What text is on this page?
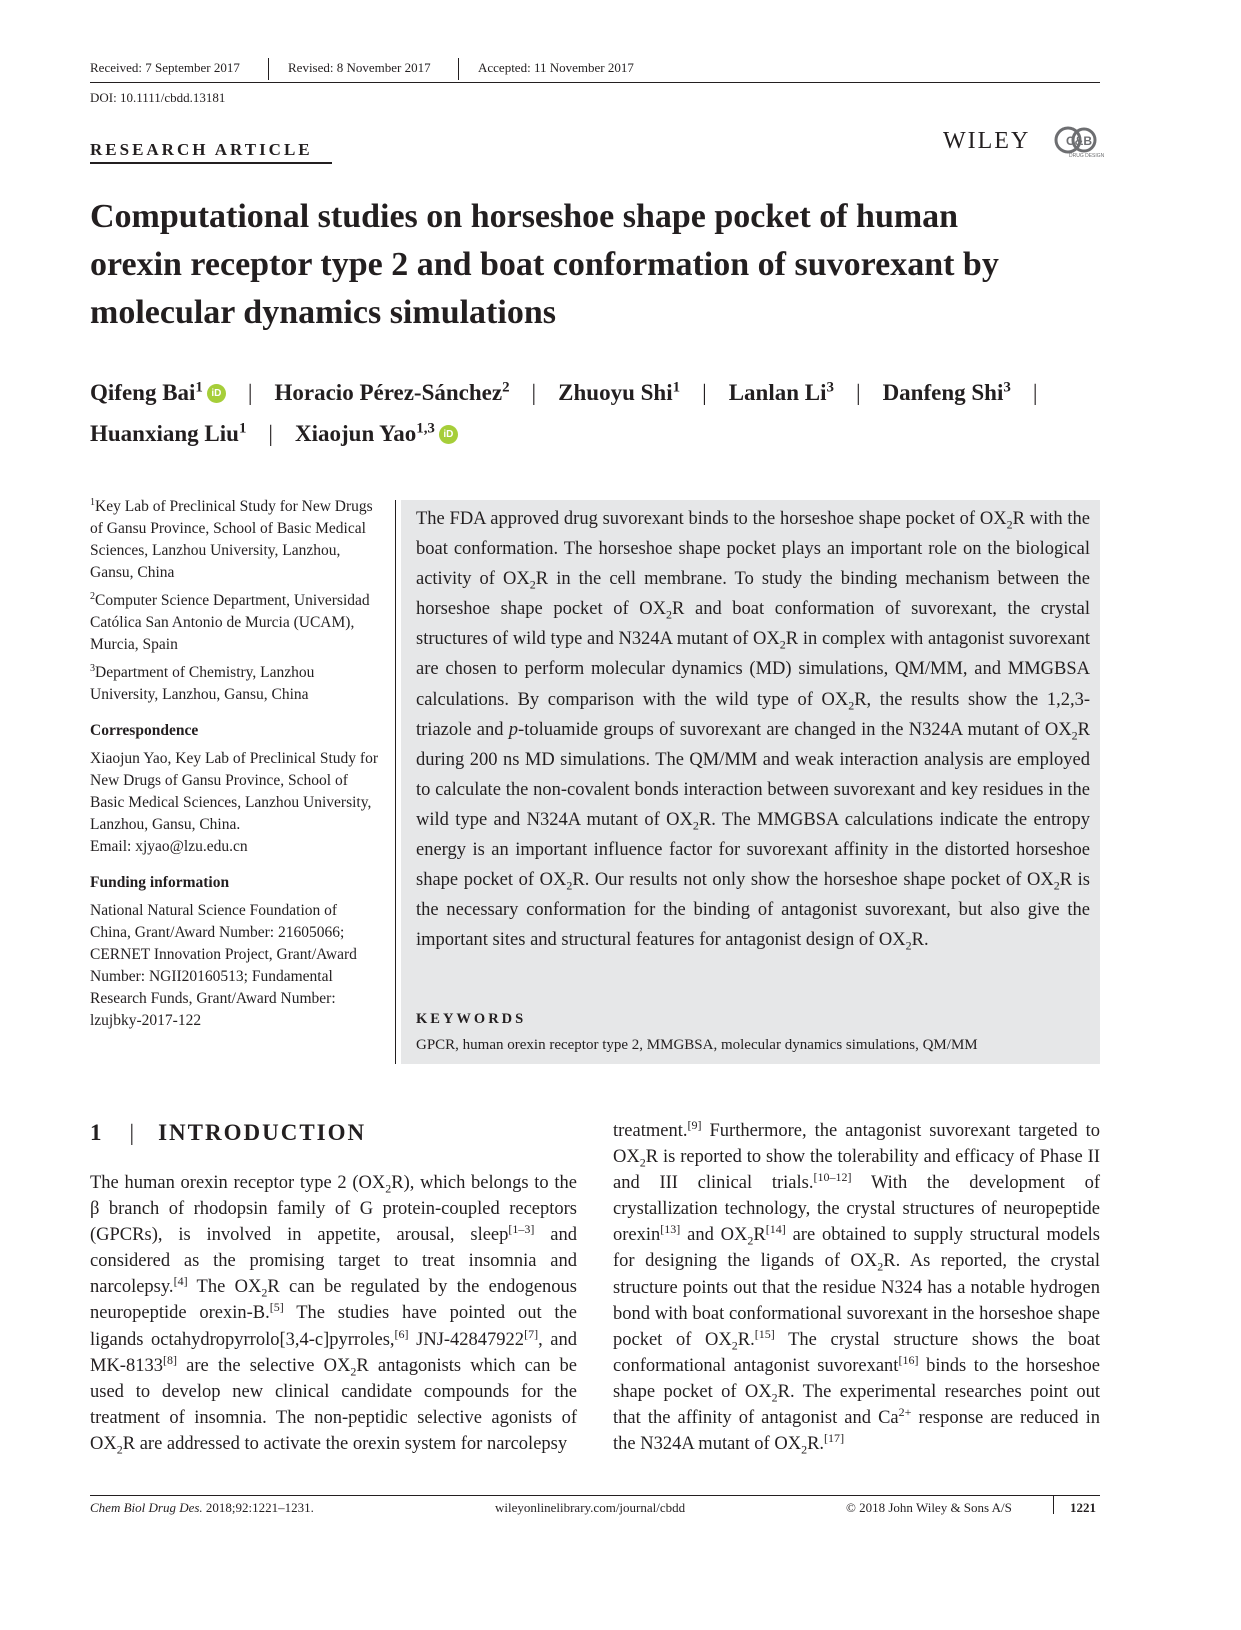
Received: 7 September 2017	Revised: 8 November 2017	Accepted: 11 November 2017
DOI: 10.1111/cbdd.13181
RESEARCH ARTICLE	WILEY	C&B
DRUG DESIGN
Computational studies on horseshoe shape pocket of human
orexin receptor type 2 and boat conformation of suvorexant by
molecular dynamics simulations
Qifeng Bai$^1$ iD | Horacio Pérez-Sánchez$^2$ | Zhuoyu Shi$^1$ | Lanlan Li$^3$ | Danfeng Shi$^3$ |
Huanxiang Liu$^1$ | Xiaojun Yao$^{1,3}$ iD

$^1$Key Lab of Preclinical Study for New Drugs of Gansu Province, School of Basic Medical Sciences, Lanzhou University, Lanzhou, Gansu, China

$^2$Computer Science Department, Universidad Católica San Antonio de Murcia (UCAM), Murcia, Spain

$^3$Department of Chemistry, Lanzhou University, Lanzhou, Gansu, China

Correspondence

Xiaojun Yao, Key Lab of Preclinical Study for New Drugs of Gansu Province, School of Basic Medical Sciences, Lanzhou University, Lanzhou, Gansu, China.

Email: xjyao@lzu.edu.cn

Funding information

National Natural Science Foundation of China, Grant/Award Number: 21605066; CERNET Innovation Project, Grant/Award Number: NGII20160513; Fundamental Research Funds, Grant/Award Number: lzujbky-2017-122

The FDA approved drug suvorexant binds to the horseshoe shape pocket of $OX_2R$ with the boat conformation. The horseshoe shape pocket plays an important role on the biological activity of $OX_2R$ in the cell membrane. To study the binding mechanism between the horseshoe shape pocket of $OX_2R$ and boat conformation of suvorexant, the crystal structures of wild type and N324A mutant of $OX_2R$ in complex with antagonist suvorexant are chosen to perform molecular dynamics (MD) simulations, QM/MM, and MMGBSA calculations. By comparison with the wild type of $OX_2R$, the results show the 1,2,3-triazole and p-toluamide groups of suvorexant are changed in the N324A mutant of $OX_2R$ during 200 ns MD simulations. The QM/MM and weak interaction analysis are employed to calculate the non-covalent bonds interaction between suvorexant and key residues in the wild type and N324A mutant of $OX_2R$. The MMGBSA calculations indicate the entropy energy is an important influence factor for suvorexant affinity in the distorted horseshoe shape pocket of $OX_2R$. Our results not only show the horseshoe shape pocket of $OX_2R$ is the necessary conformation for the binding of antagonist suvorexant, but also give the important sites and structural features for antagonist design of $OX_2R$.
KEYWORDS
GPCR, human orexin receptor type 2, MMGBSA, molecular dynamics simulations, QM/MM
1 | INTRODUCTION
The human orexin receptor type 2 $(OX_2R)$, which belongs to the β branch of rhodopsin family of G protein-coupled receptors (GPCRs), is involved in appetite, arousal, sleep[1–3] and considered as the promising target to treat insomnia and narcolepsy.[4] The $OX_2R$ can be regulated by the endogenous neuropeptide orexin-B.[5] The studies have pointed out the ligands octahydropyrrolo[3,4-c]pyrroles,[6] JNJ-42847922[7], and MK-8133[8] are the selective $OX_2R$ antagonists which can be used to develop new clinical candidate compounds for the treatment of insomnia. The non-peptidic selective agonists of $OX_2R$ are addressed to activate the orexin system for narcolepsy
treatment.[9] Furthermore, the antagonist suvorexant targeted to $OX_2R$ is reported to show the tolerability and efficacy of Phase II and III clinical trials.[10–12] With the development of crystallization technology, the crystal structures of neuropeptide orexin[13] and $OX_2R[14]$ are obtained to supply structural models for designing the ligands of $OX_2R$. As reported, the crystal structure points out that the residue N324 has a notable hydrogen bond with boat conformational suvorexant in the horseshoe shape pocket of $OX_2R.[15]$ The crystal structure shows the boat conformational antagonist suvorexant[16] binds to the horseshoe shape pocket of $OX_2R$. The experimental researches point out that the affinity of antagonist and $Ca^{2+}$ response are reduced in the N324A mutant of $OX_2R.[17]$
Chem Biol Drug Des. 2018;92:1221–1231.	wileyonlinelibrary.com/journal/cbdd	© 2018 John Wiley & Sons A/S	1221
